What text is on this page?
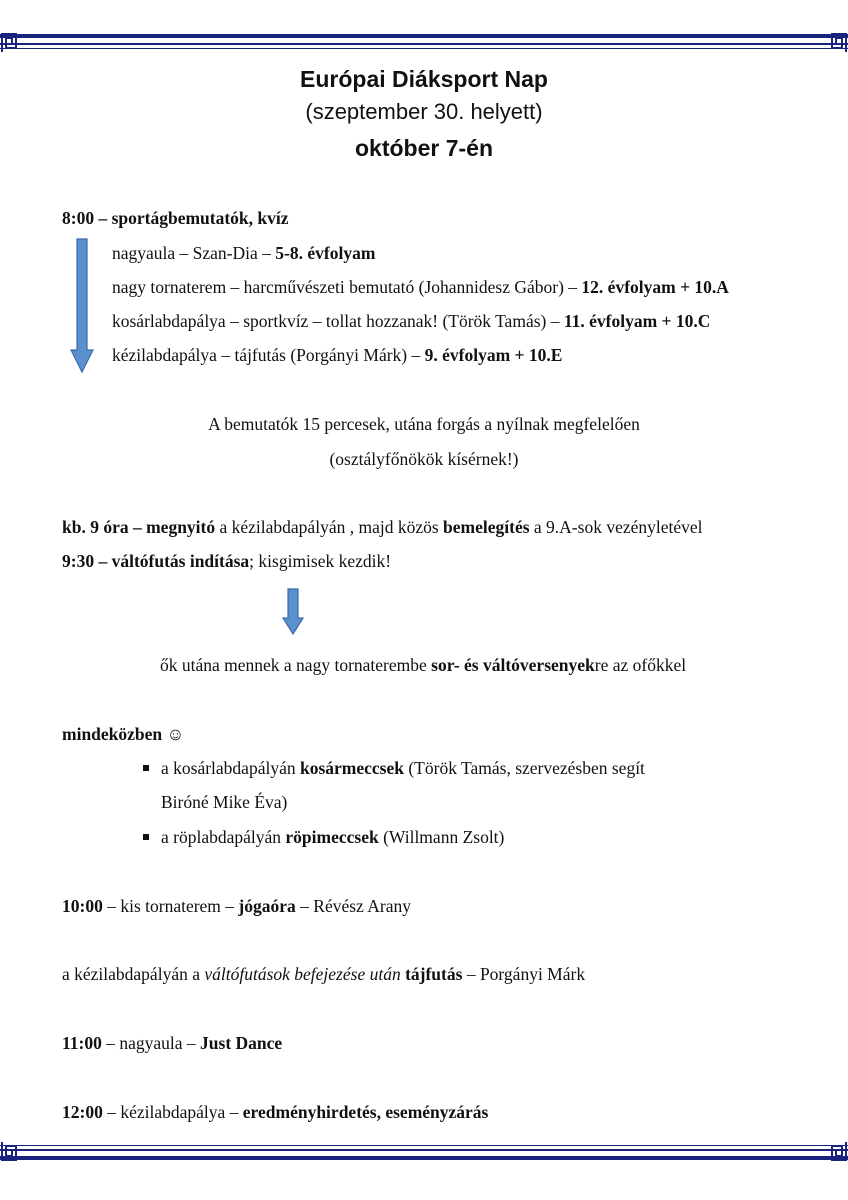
Európai Diáksport Nap
(szeptember 30. helyett)
október 7-én
8:00 – sportágbemutatók, kvíz
nagyaula – Szan-Dia – 5-8. évfolyam
nagy tornaterem – harcművészeti bemutató (Johannidesz Gábor) – 12. évfolyam + 10.A
kosárlabdapálya – sportkvíz – tollat hozzanak! (Török Tamás) – 11. évfolyam + 10.C
kézilabdapálya – tájfutás (Porgányi Márk) – 9. évfolyam + 10.E
A bemutatók 15 percesek, utána forgás a nyílnak megfelelően
(osztályfőnökök kísérnek!)
kb. 9 óra – megnyitó a kézilabdapályán , majd közös bemelegítés a 9.A-sok vezényletével
9:30 – váltófutás indítása; kisgimisek kezdik!
ők utána mennek a nagy tornaterembe sor- és váltóversenyekre az ofőkkel
mindeközben ☺
a kosárlabdapályán kosármeccsek (Török Tamás, szervezésben segít
Biróné Mike Éva)
a röplabdapályán röpimeccsek (Willmann Zsolt)
10:00 – kis tornaterem – jógaóra – Révész Arany
a kézilabdapályán a váltófutások befejezése után tájfutás – Porgányi Márk
11:00 – nagyaula – Just Dance
12:00 – kézilabdapálya – eredményhirdetés, eseményzárás
